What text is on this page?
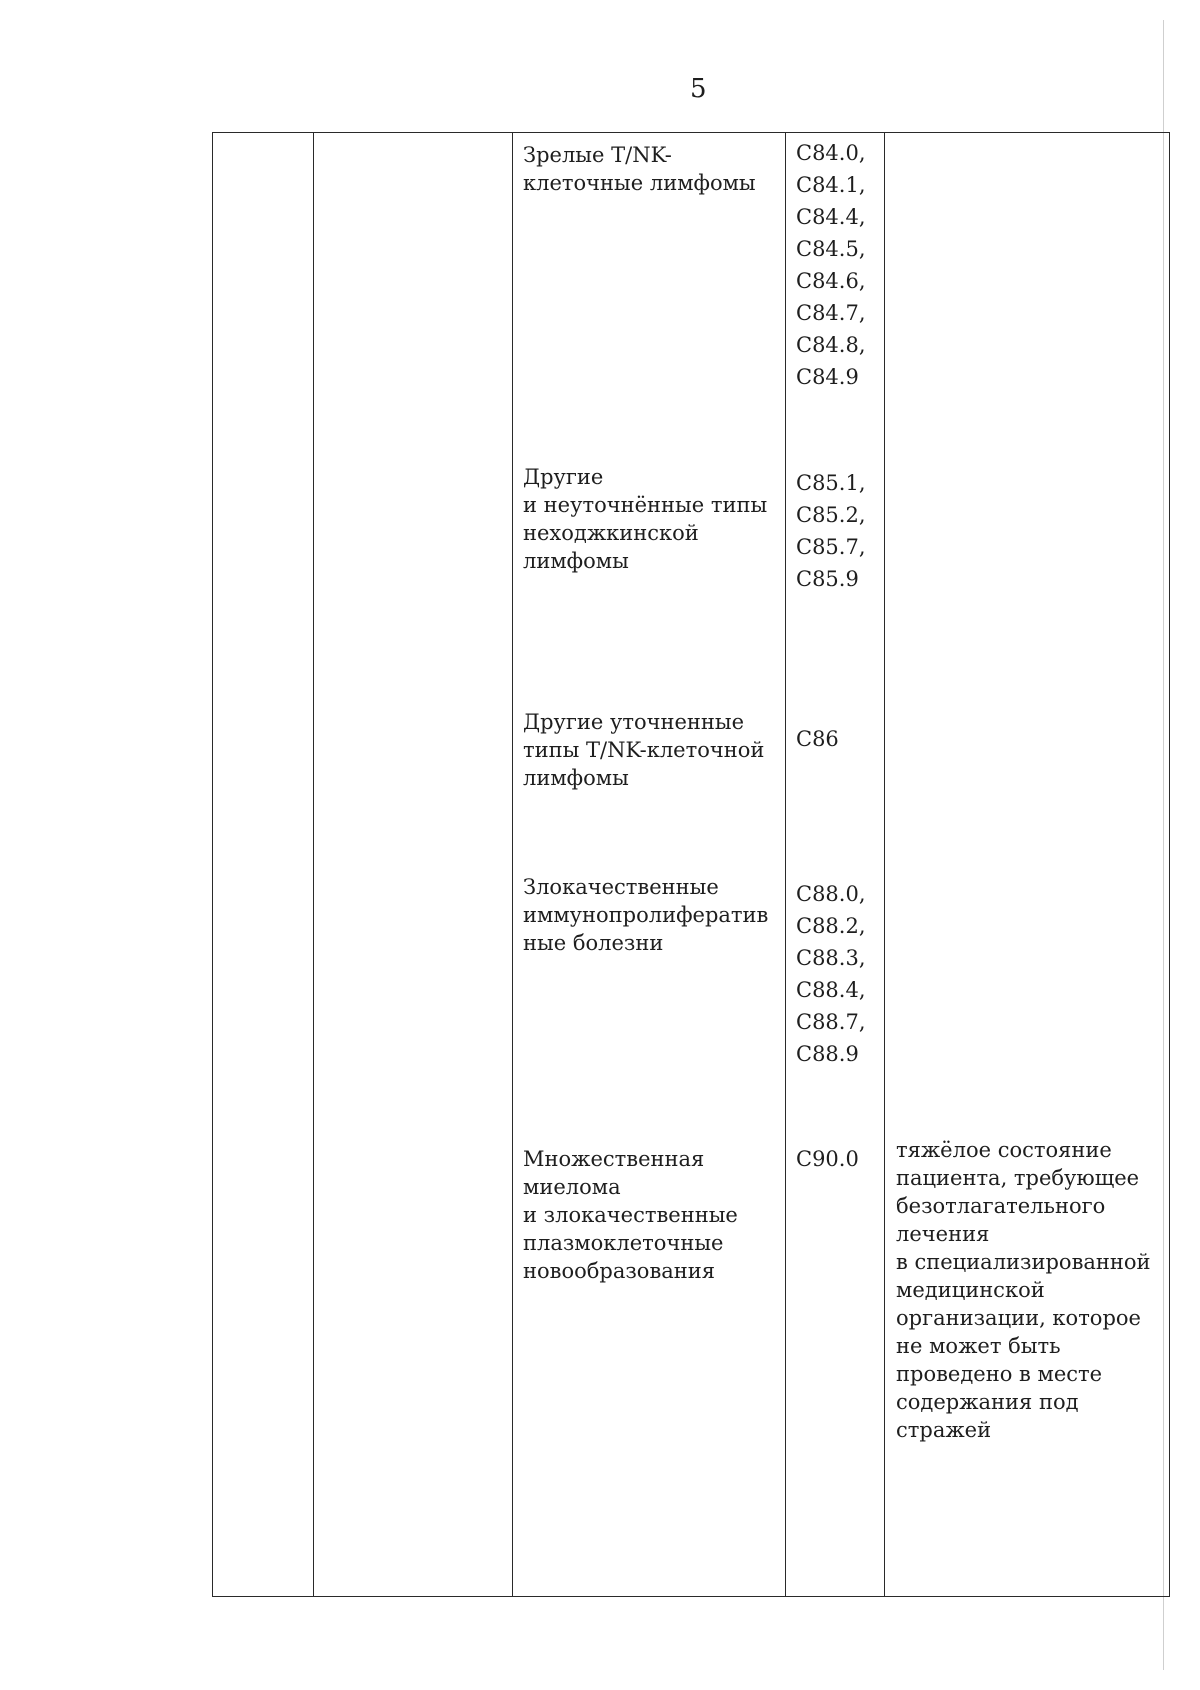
5
Зрелые T/NK-
клеточные лимфомы
C84.0,
C84.1,
C84.4,
C84.5,
C84.6,
C84.7,
C84.8,
C84.9
Другие
и неуточнённые типы
неходжкинской
лимфомы
C85.1,
C85.2,
C85.7,
C85.9
Другие уточненные
типы T/NK-клеточной
лимфомы
C86
Злокачественные
иммунопролифератив
ные болезни
C88.0,
C88.2,
C88.3,
C88.4,
C88.7,
C88.9
Множественная
миелома
и злокачественные
плазмоклеточные
новообразования
C90.0 тяжёлое состояние
пациента, требующее
безотлагательного
лечения
в специализированной
медицинской
организации, которое
не может быть
проведено в месте
содержания под стражей
